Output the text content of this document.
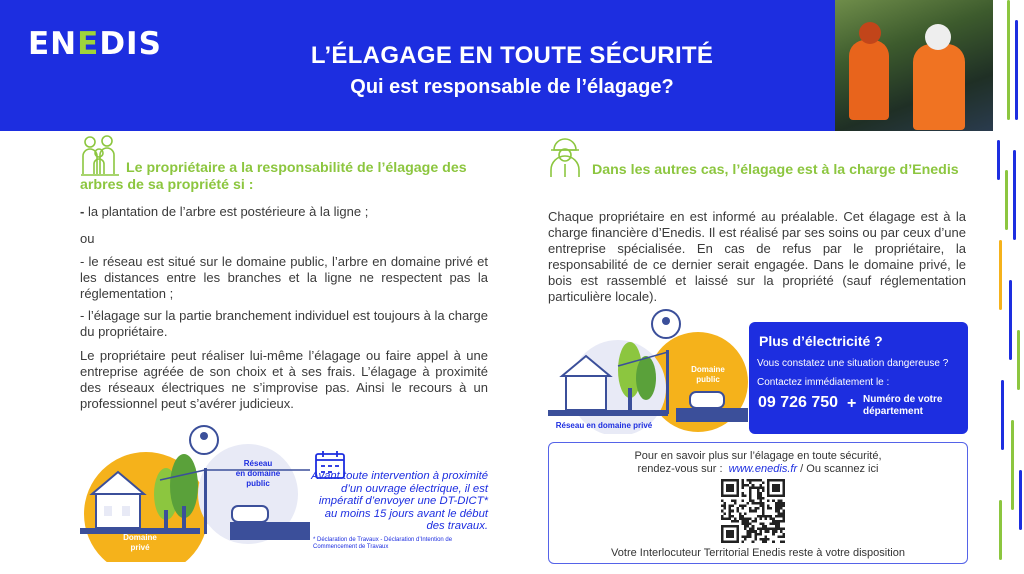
ENEDIS	L’ÉLAGAGE EN TOUTE SÉCURITÉ
Qui est responsable de l’élagage?
Le propriétaire a la responsabilité de l’élagage des arbres de sa propriété si :
- la plantation de l’arbre est postérieure à la ligne ;
ou
- le réseau est situé sur le domaine public, l’arbre en domaine privé et les distances entre les branches et la ligne ne respectent pas la réglementation ;
- l’élagage sur la partie branchement individuel est toujours à la charge du propriétaire.
Le propriétaire peut réaliser lui-même l’élagage ou faire appel à une entreprise agréée de son choix et à ses frais. L’élagage à proximité des réseaux électriques ne s’improvise pas. Ainsi le recours à un professionnel peut s’avérer judicieux.
Réseau
en domaine
public
Domaine
privé
Avant toute intervention à proximité d’un ouvrage électrique, il est impératif d’envoyer une DT-DICT* au moins 15 jours avant le début des travaux.
* Déclaration de Travaux - Déclaration d’Intention de Commencement de Travaux
Dans les autres cas, l’élagage est à la charge d’Enedis
Chaque propriétaire en est informé au préalable. Cet élagage est à la charge financière d’Enedis. Il est réalisé par ses soins ou par ceux d’une entreprise spécialisée. En cas de refus par le propriétaire, la responsabilité de ce dernier serait engagée. Dans le domaine privé, le bois est rassemblé et laissé sur la propriété (sauf réglementation particulière locale).
Domaine
public
Réseau en domaine privé
Plus d’électricité ?
Vous constatez une situation dangereuse ?
Contactez immédiatement le :
09 726 750 + Numéro de votre
département
Pour en savoir plus sur l’élagage en toute sécurité,
rendez-vous sur : www.enedis.fr / Ou scannez ici
Votre Interlocuteur Territorial Enedis reste à votre disposition
